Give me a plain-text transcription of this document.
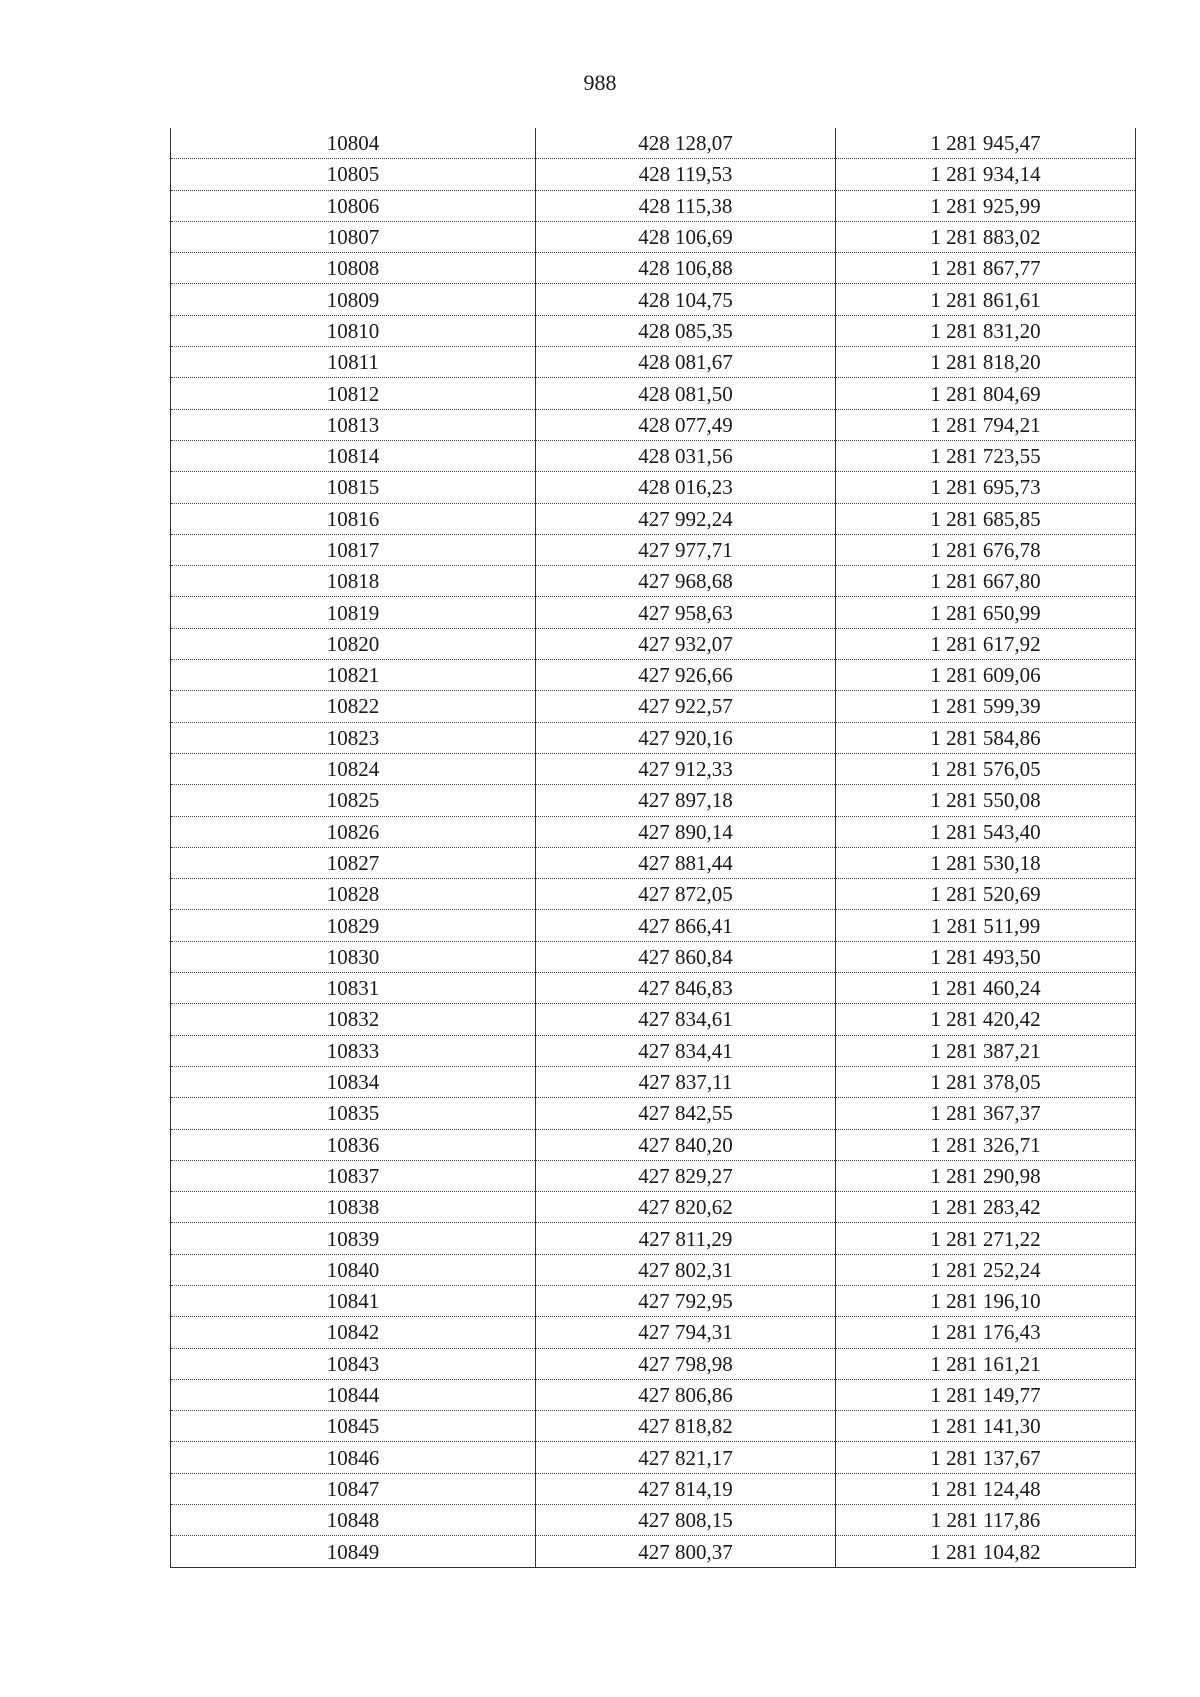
988
10804	428 128,07	1 281 945,47
10805	428 119,53	1 281 934,14
10806	428 115,38	1 281 925,99
10807	428 106,69	1 281 883,02
10808	428 106,88	1 281 867,77
10809	428 104,75	1 281 861,61
10810	428 085,35	1 281 831,20
10811	428 081,67	1 281 818,20
10812	428 081,50	1 281 804,69
10813	428 077,49	1 281 794,21
10814	428 031,56	1 281 723,55
10815	428 016,23	1 281 695,73
10816	427 992,24	1 281 685,85
10817	427 977,71	1 281 676,78
10818	427 968,68	1 281 667,80
10819	427 958,63	1 281 650,99
10820	427 932,07	1 281 617,92
10821	427 926,66	1 281 609,06
10822	427 922,57	1 281 599,39
10823	427 920,16	1 281 584,86
10824	427 912,33	1 281 576,05
10825	427 897,18	1 281 550,08
10826	427 890,14	1 281 543,40
10827	427 881,44	1 281 530,18
10828	427 872,05	1 281 520,69
10829	427 866,41	1 281 511,99
10830	427 860,84	1 281 493,50
10831	427 846,83	1 281 460,24
10832	427 834,61	1 281 420,42
10833	427 834,41	1 281 387,21
10834	427 837,11	1 281 378,05
10835	427 842,55	1 281 367,37
10836	427 840,20	1 281 326,71
10837	427 829,27	1 281 290,98
10838	427 820,62	1 281 283,42
10839	427 811,29	1 281 271,22
10840	427 802,31	1 281 252,24
10841	427 792,95	1 281 196,10
10842	427 794,31	1 281 176,43
10843	427 798,98	1 281 161,21
10844	427 806,86	1 281 149,77
10845	427 818,82	1 281 141,30
10846	427 821,17	1 281 137,67
10847	427 814,19	1 281 124,48
10848	427 808,15	1 281 117,86
10849	427 800,37	1 281 104,82
